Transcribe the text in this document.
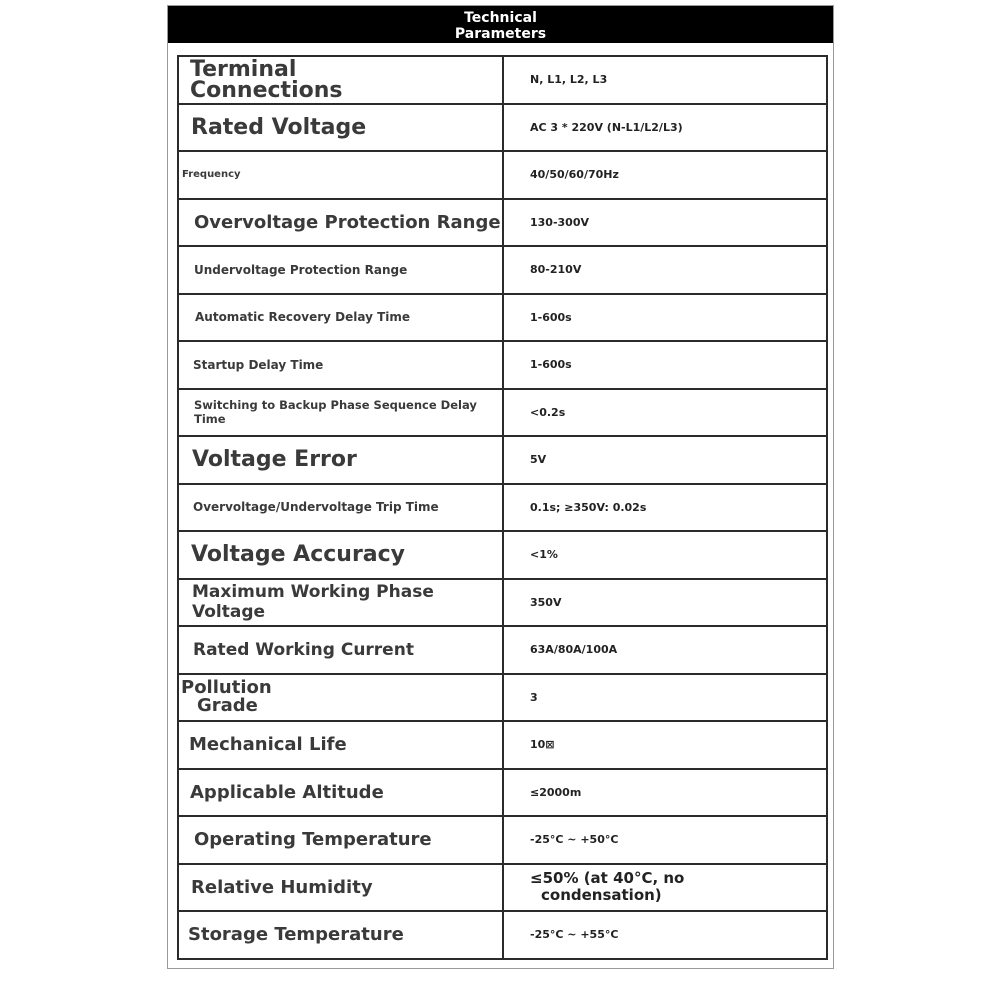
Technical
Parameters
Terminal
Connections	N, L1, L2, L3
Rated Voltage	AC 3 * 220V (N-L1/L2/L3)
Frequency	40/50/60/70Hz
Overvoltage Protection Range	130-300V
Undervoltage Protection Range	80-210V
Automatic Recovery Delay Time	1-600s
Startup Delay Time	1-600s
Switching to Backup Phase Sequence Delay Time	<0.2s
Voltage Error	5V
Overvoltage/Undervoltage Trip Time	0.1s; ≥350V: 0.02s
Voltage Accuracy	<1%
Maximum Working Phase Voltage	350V
Rated Working Current	63A/80A/100A
Pollution
Grade	3
Mechanical Life	10⊠
Applicable Altitude	≤2000m
Operating Temperature	-25°C ~ +50°C
Relative Humidity	≤50% (at 40°C, no
condensation)
Storage Temperature	-25°C ~ +55°C
